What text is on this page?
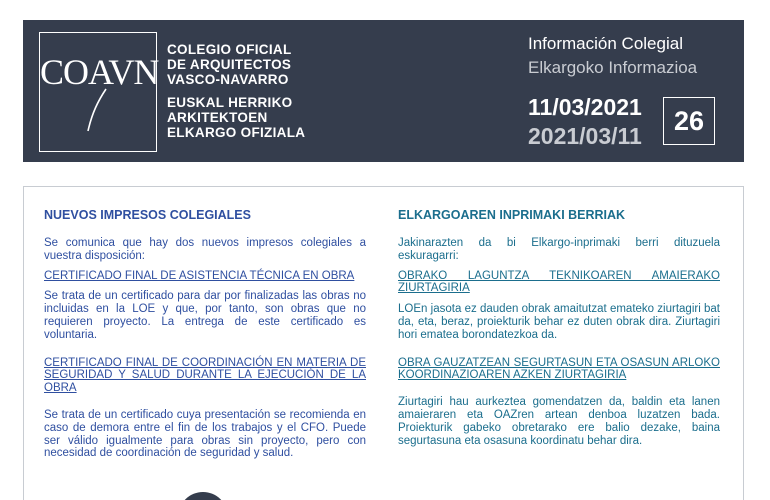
COAVN
COLEGIO OFICIAL
DE ARQUITECTOS
VASCO-NAVARRO
EUSKAL HERRIKO
ARKITEKTOEN
ELKARGO OFIZIALA
Información Colegial
Elkargoko Informazioa
11/03/2021
2021/03/11
26
NUEVOS IMPRESOS COLEGIALES

Se comunica que hay dos nuevos impresos colegiales a vuestra disposición:

CERTIFICADO FINAL DE ASISTENCIA TÉCNICA EN OBRA

Se trata de un certificado para dar por finalizadas las obras no incluidas en la LOE y que, por tanto, son obras que no requieren proyecto. La entrega de este certificado es voluntaria.

CERTIFICADO FINAL DE COORDINACIÓN EN MATERIA DE SEGURIDAD Y SALUD DURANTE LA EJECUCIÓN DE LA OBRA

Se trata de un certificado cuya presentación se recomienda en caso de demora entre el fin de los trabajos y el CFO. Puede ser válido igualmente para obras sin proyecto, pero con necesidad de coordinación de seguridad y salud.

ELKARGOAREN INPRIMAKI BERRIAK

Jakinarazten da bi Elkargo-inprimaki berri dituzuela eskuragarri:

OBRAKO LAGUNTZA TEKNIKOAREN AMAIERAKO ZIURTAGIRIA

LOEn jasota ez dauden obrak amaitutzat emateko ziurtagiri bat da, eta, beraz, proiekturik behar ez duten obrak dira. Ziurtagiri hori ematea borondatezkoa da.

OBRA GAUZATZEAN SEGURTASUN ETA OSASUN ARLOKO KOORDINAZIOAREN AZKEN ZIURTAGIRIA

Ziurtagiri hau aurkeztea gomendatzen da, baldin eta lanen amaieraren eta OAZren artean denboa luzatzen bada. Proiekturik gabeko obretarako ere balio dezake, baina segurtasuna eta osasuna koordinatu behar dira.
